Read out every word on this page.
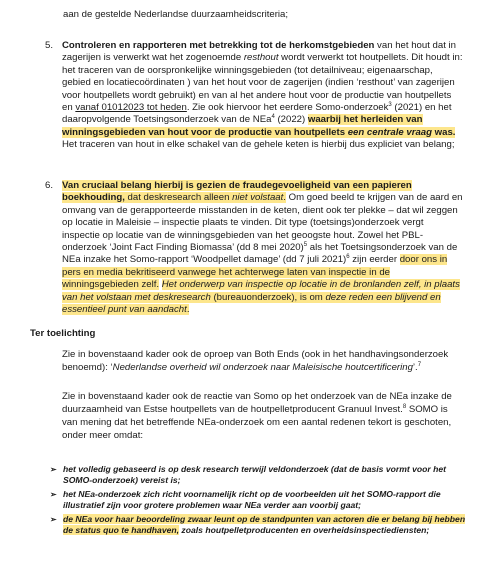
aan de gestelde Nederlandse duurzaamheidscriteria;

5. Controleren en rapporteren met betrekking tot de herkomstgebieden van het hout dat in zagerijen is verwerkt wat het zogenoemde resthout wordt verwerkt tot houtpellets. Dit houdt in: het traceren van de oorspronkelijke winningsgebieden (tot detailniveau; eigenaarschap, gebied en locatiecoördinaten ) van het hout voor de zagerijen (indien ‘resthout’ van zagerijen voor houtpellets wordt gebruikt) en van al het andere hout voor de productie van houtpellets en vanaf 01012023 tot heden. Zie ook hiervoor het eerdere Somo-onderzoek$^3$ (2021) en het daaropvolgende Toetsingsonderzoek van de NEa$^4$ (2022) waarbij het herleiden van winningsgebieden van hout voor de productie van houtpellets een centrale vraag was. Het traceren van hout in elke schakel van de gehele keten is hierbij dus expliciet van belang;

6. Van cruciaal belang hierbij is gezien de fraudegevoeligheid van een papieren boekhouding, dat deskresearch alleen niet volstaat. Om goed beeld te krijgen van de aard en omvang van de gerapporteerde misstanden in de keten, dient ook ter plekke – dat wil zeggen op locatie in Maleisie – inspectie plaats te vinden. Dit type (toetsings)onderzoek vergt inspectie op locatie van de winningsgebieden van het geoogste hout. Zowel het PBL-onderzoek ‘Joint Fact Finding Biomassa’ (dd 8 mei 2020)$^5$ als het Toetsingsonderzoek van de NEa inzake het Somo-rapport ‘Woodpellet damage’ (dd 7 juli 2021)$^6$ zijn eerder door ons in pers en media bekritiseerd vanwege het achterwege laten van inspectie in de winningsgebieden zelf. Het onderwerp van inspectie op locatie in de bronlanden zelf, in plaats van het volstaan met deskresearch (bureauonderzoek), is om deze reden een blijvend en essentieel punt van aandacht.

Ter toelichting

Zie in bovenstaand kader ook de oproep van Both Ends (ook in het handhavingsonderzoek benoemd): ‘Nederlandse overheid wil onderzoek naar Maleisische houtcertificering’.$^7$

Zie in bovenstaand kader ook de reactie van Somo op het onderzoek van de NEa inzake de duurzaamheid van Estse houtpellets van de houtpelletproducent Granuul Invest.$^8$ SOMO is van mening dat het betreffende NEa-onderzoek om een aantal redenen tekort is geschoten, onder meer omdat:

➢ het volledig gebaseerd is op desk research terwijl veldonderzoek (dat de basis vormt voor het SOMO-onderzoek) vereist is;
➢ het NEa-onderzoek zich richt voornamelijk richt op de voorbeelden uit het SOMO-rapport die illustratief zijn voor grotere problemen waar NEa verder aan voorbij gaat;
➢ de NEa voor haar beoordeling zwaar leunt op de standpunten van actoren die er belang bij hebben de status quo te handhaven, zoals houtpelletproducenten en overheidsinspectiediensten;
